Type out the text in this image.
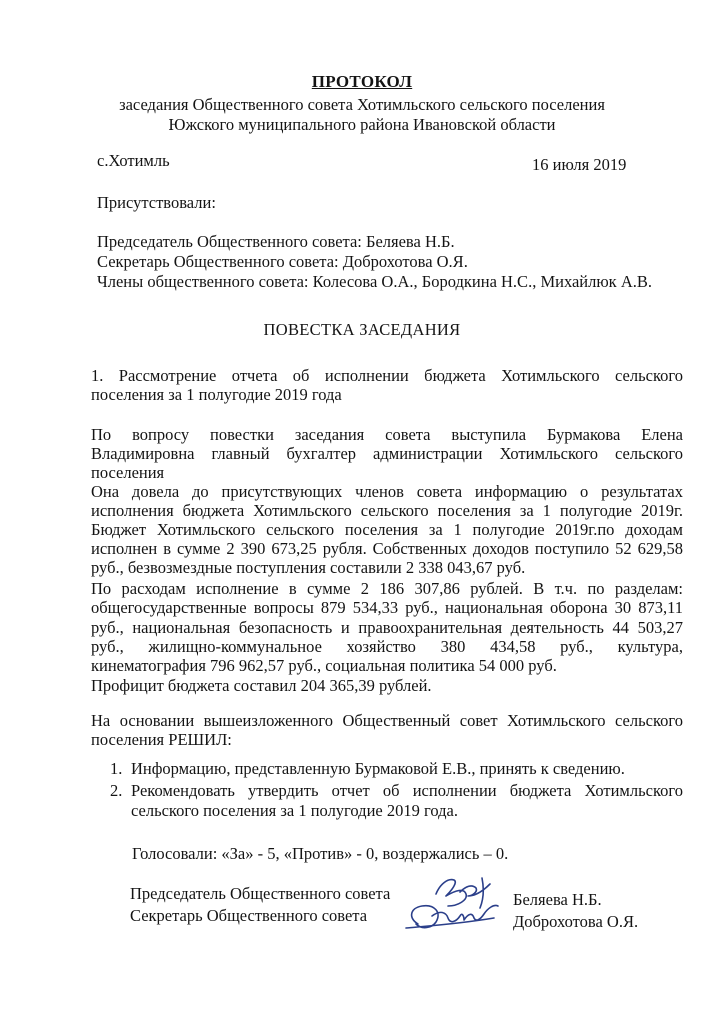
ПРОТОКОЛ
заседания Общественного совета Хотимльского сельского поселения
Южского муниципального района Ивановской области
с.Хотимль	16 июля 2019
Присутствовали:
Председатель Общественного совета: Беляева Н.Б.
Секретарь Общественного совета: Доброхотова О.Я.
Члены общественного совета: Колесова О.А., Бородкина Н.С., Михайлюк А.В.
ПОВЕСТКА ЗАСЕДАНИЯ
1. Рассмотрение отчета об исполнении бюджета Хотимльского сельского
поселения за 1 полугодие 2019 года
По вопросу повестки заседания совета выступила Бурмакова Елена
Владимировна главный бухгалтер администрации Хотимльского сельского
поселения
Она довела до присутствующих членов совета информацию о результатах
исполнения бюджета Хотимльского сельского поселения за 1 полугодие 2019г.
Бюджет Хотимльского сельского поселения за 1 полугодие 2019г.по доходам
исполнен в сумме 2 390 673,25 рубля. Собственных доходов поступило 52 629,58
руб., безвозмездные поступления составили 2 338 043,67 руб.
По расходам исполнение в сумме 2 186 307,86 рублей. В т.ч. по разделам:
общегосударственные вопросы 879 534,33 руб., национальная оборона 30 873,11
руб., национальная безопасность и правоохранительная деятельность 44 503,27
руб., жилищно-коммунальное хозяйство 380 434,58 руб., культура,
кинематография 796 962,57 руб., социальная политика 54 000 руб.
Профицит бюджета составил 204 365,39 рублей.
На основании вышеизложенного Общественный совет Хотимльского сельского
поселения РЕШИЛ:
1. Информацию, представленную Бурмаковой Е.В., принять к сведению.
2. Рекомендовать утвердить отчет об исполнении бюджета Хотимльского
сельского поселения за 1 полугодие 2019 года.
Голосовали: «За» - 5, «Против» - 0, воздержались – 0.
Председатель Общественного совета
Секретарь Общественного совета
Беляева Н.Б.
Доброхотова О.Я.
